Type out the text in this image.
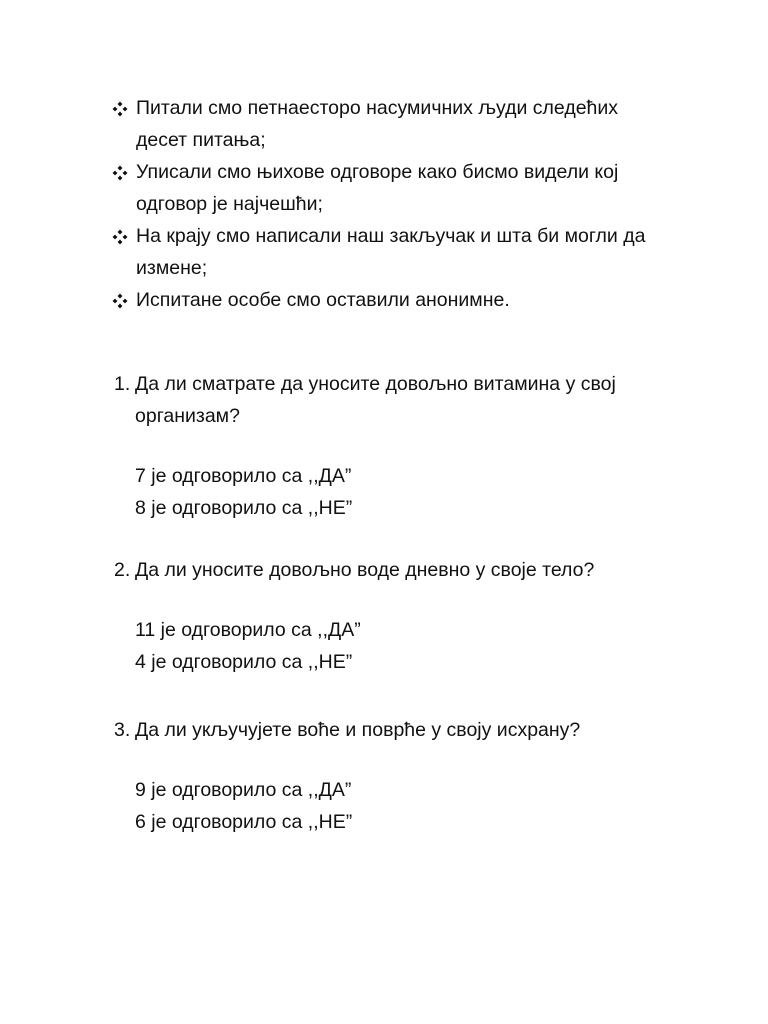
Питали смо петнаесторо насумичних људи следећих десет питања;
Уписали смо њихове одговоре како бисмо видели кој одговор је најчешћи;
На крају смо написали наш закључак и шта би могли да измене;
Испитане особе смо оставили анонимне.
1. Да ли сматрате да уносите довољно витамина у свој организам?
7 је одговорило са ,,ДА”
8 је одговорило са ,,НЕ”
2. Да ли уносите довољно воде дневно у своје тело?
11 је одговорило са ,,ДА”
4 је одговорило са ,,НЕ”
3. Да ли укључујете воће и поврће у своју исхрану?
9 је одговорило са ,,ДА”
6 је одговорило са ,,НЕ”
